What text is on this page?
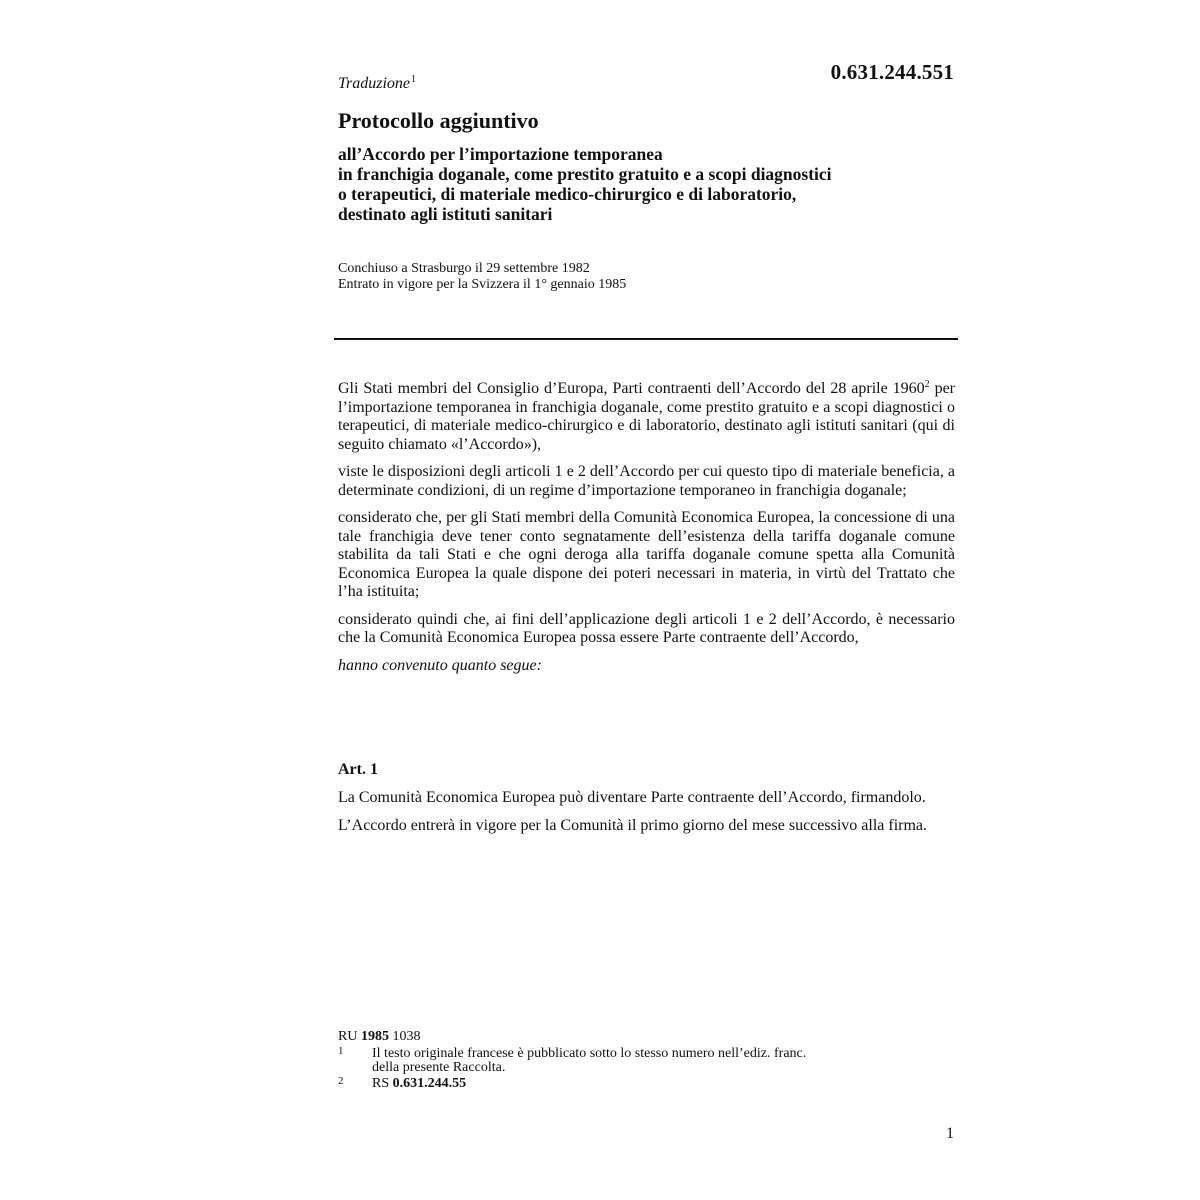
Traduzione$^1$	0.631.244.551
Protocollo aggiuntivo
all’Accordo per l’importazione temporanea
in franchigia doganale, come prestito gratuito e a scopi diagnostici
o terapeutici, di materiale medico-chirurgico e di laboratorio,
destinato agli istituti sanitari
Conchiuso a Strasburgo il 29 settembre 1982
Entrato in vigore per la Svizzera il 1° gennaio 1985

Gli Stati membri del Consiglio d’Europa, Parti contraenti dell’Accordo del 28 aprile 1960$^2$ per l’importazione temporanea in franchigia doganale, come prestito gratuito e a scopi diagnostici o terapeutici, di materiale medico-chirurgico e di laboratorio, destinato agli istituti sanitari (qui di seguito chiamato «l’Accordo»),

viste le disposizioni degli articoli 1 e 2 dell’Accordo per cui questo tipo di materiale beneficia, a determinate condizioni, di un regime d’importazione temporaneo in franchigia doganale;

considerato che, per gli Stati membri della Comunità Economica Europea, la concessione di una tale franchigia deve tener conto segnatamente dell’esistenza della tariffa doganale comune stabilita da tali Stati e che ogni deroga alla tariffa doganale comune spetta alla Comunità Economica Europea la quale dispone dei poteri necessari in materia, in virtù del Trattato che l’ha istituita;

considerato quindi che, ai fini dell’applicazione degli articoli 1 e 2 dell’Accordo, è necessario che la Comunità Economica Europea possa essere Parte contraente dell’Accordo,

hanno convenuto quanto segue:

Art. 1

La Comunità Economica Europea può diventare Parte contraente dell’Accordo, firmandolo.

L’Accordo entrerà in vigore per la Comunità il primo giorno del mese successivo alla firma.

RU 1985 1038
1 Il testo originale francese è pubblicato sotto lo stesso numero nell’ediz. franc.
della presente Raccolta.
2 RS 0.631.244.55
1
